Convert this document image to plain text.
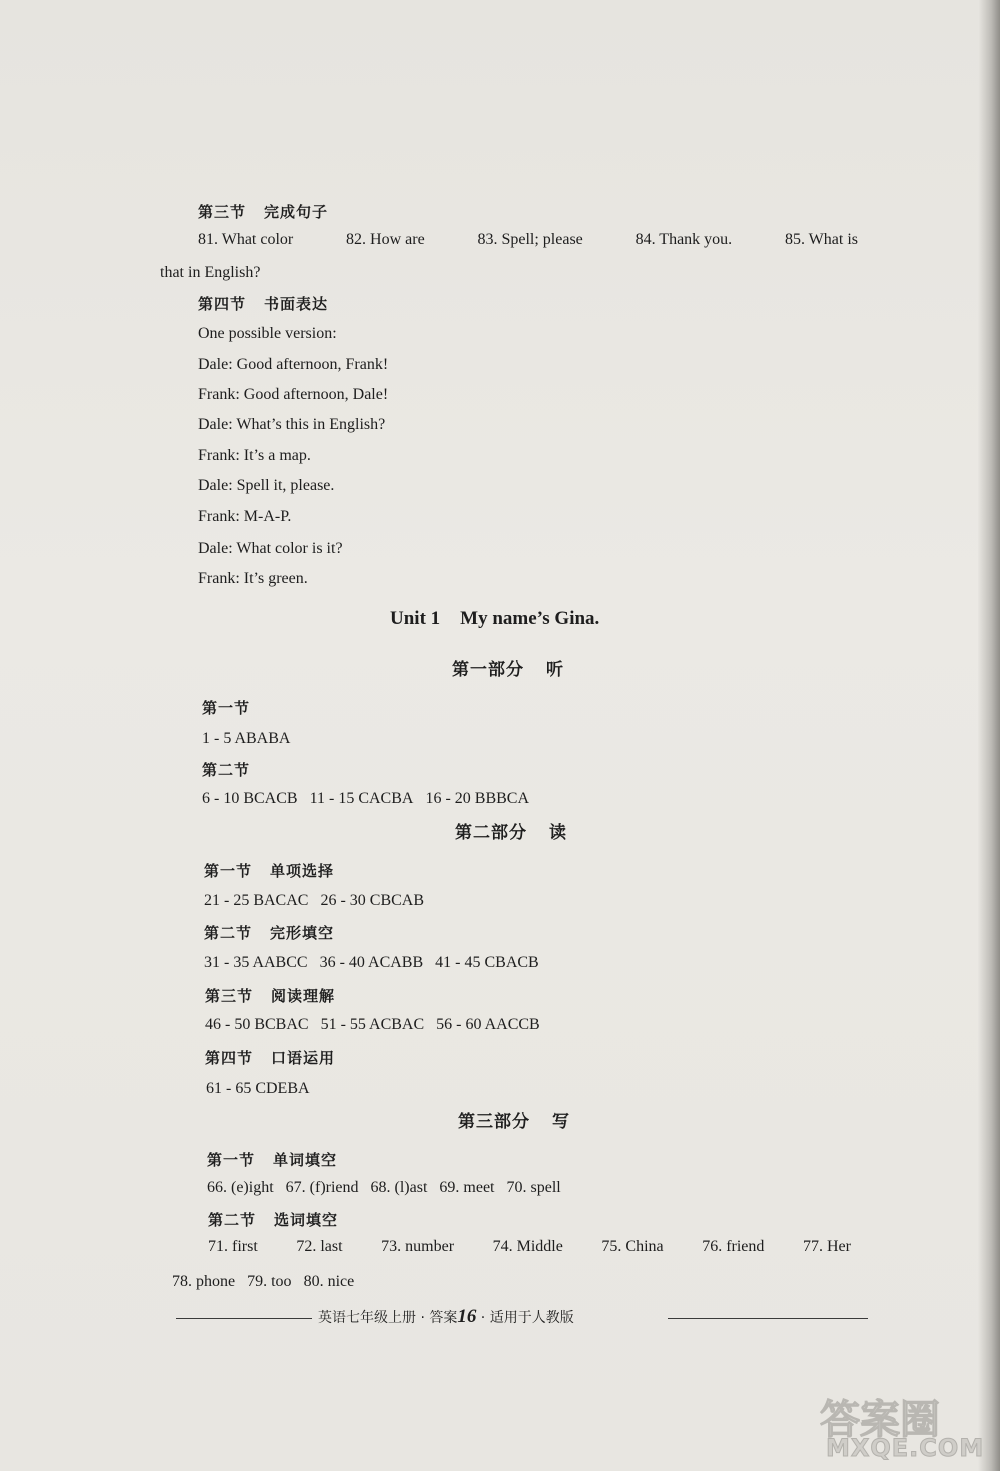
第三节 完成句子
81. What color	82. How are	83. Spell; please	84. Thank you.	85. What is
that in English?
第四节 书面表达
One possible version:
Dale: Good afternoon, Frank!
Frank: Good afternoon, Dale!
Dale: What’s this in English?
Frank: It’s a map.
Dale: Spell it, please.
Frank: M-A-P.
Dale: What color is it?
Frank: It’s green.
Unit 1 My name’s Gina.
第一部分 听
第一节
1 - 5 ABABA
第二节
6 - 10 BCACB 11 - 15 CACBA 16 - 20 BBBCA
第二部分 读
第一节 单项选择
21 - 25 BACAC 26 - 30 CBCAB
第二节 完形填空
31 - 35 AABCC 36 - 40 ACABB 41 - 45 CBACB
第三节 阅读理解
46 - 50 BCBAC 51 - 55 ACBAC 56 - 60 AACCB
第四节 口语运用
61 - 65 CDEBA
第三部分 写
第一节 单词填空
66. (e)ight 67. (f)riend 68. (l)ast 69. meet 70. spell
第二节 选词填空
71. first 72. last 73. number 74. Middle 75. China 76. friend 77. Her
78. phone 79. too 80. nice
英语七年级上册 · 答案16 · 适用于人教版
答案圈
MXQE.COM
